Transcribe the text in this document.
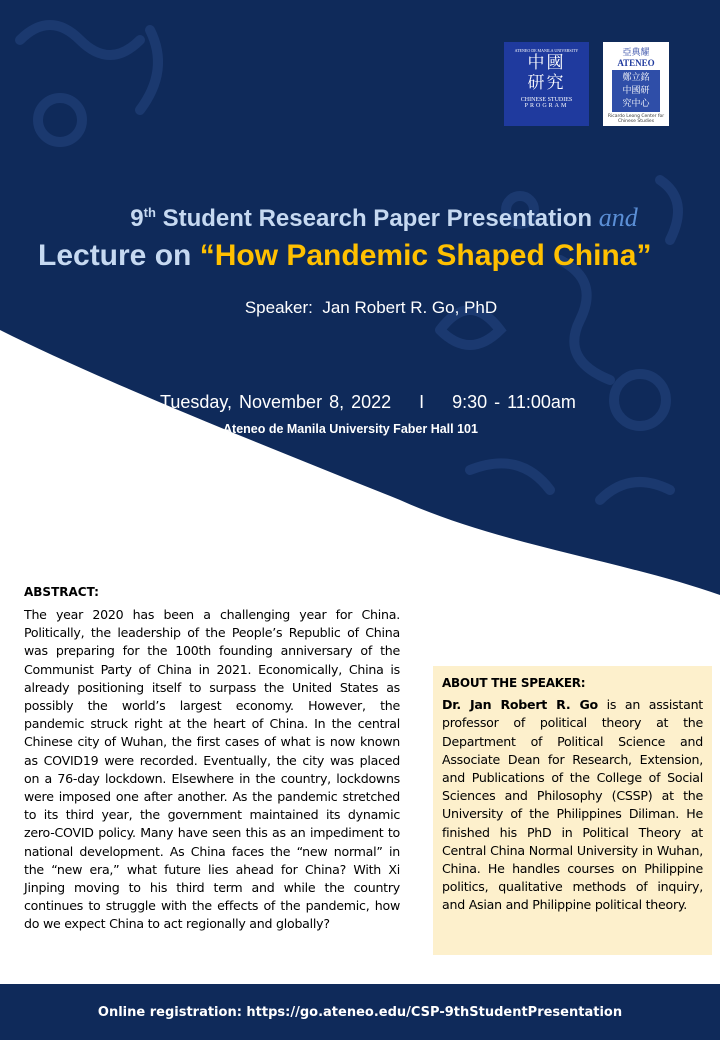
ATENEO DE MANILA UNIVERSITY
中國
研究
CHINESE STUDIES
PROGRAM
亞典耀
ATENEO
鄭立銘
中國研
究中心
Ricardo Leong Center for Chinese Studies
9th Student Research Paper Presentation and
Lecture on “How Pandemic Shaped China”
Speaker:  Jan Robert R. Go, PhD
Tuesday, November 8, 2022    I    9:30 - 11:00am
Ateneo de Manila University Faber Hall 101
ABSTRACT:
The year 2020 has been a challenging year for China. Politically, the leadership of the People’s Republic of China was preparing for the 100th founding anniversary of the Communist Party of China in 2021. Economically, China is already positioning itself to surpass the United States as possibly the world’s largest economy. However, the pandemic struck right at the heart of China. In the central Chinese city of Wuhan, the first cases of what is now known as COVID19 were recorded. Eventually, the city was placed on a 76-day lockdown. Elsewhere in the country, lockdowns were imposed one after another. As the pandemic stretched to its third year, the government maintained its dynamic zero-COVID policy. Many have seen this as an impediment to national development. As China faces the “new normal” in the “new era,” what future lies ahead for China? With Xi Jinping moving to his third term and while the country continues to struggle with the effects of the pandemic, how do we expect China to act regionally and globally?
ABOUT THE SPEAKER:

Dr. Jan Robert R. Go is an assistant professor of political theory at the Department of Political Science and Associate Dean for Research, Extension, and Publications of the College of Social Sciences and Philosophy (CSSP) at the University of the Philippines Diliman. He finished his PhD in Political Theory at Central China Normal University in Wuhan, China. He handles courses on Philippine politics, qualitative methods of inquiry, and Asian and Philippine political theory.

Online registration: https://go.ateneo.edu/CSP-9thStudentPresentation
